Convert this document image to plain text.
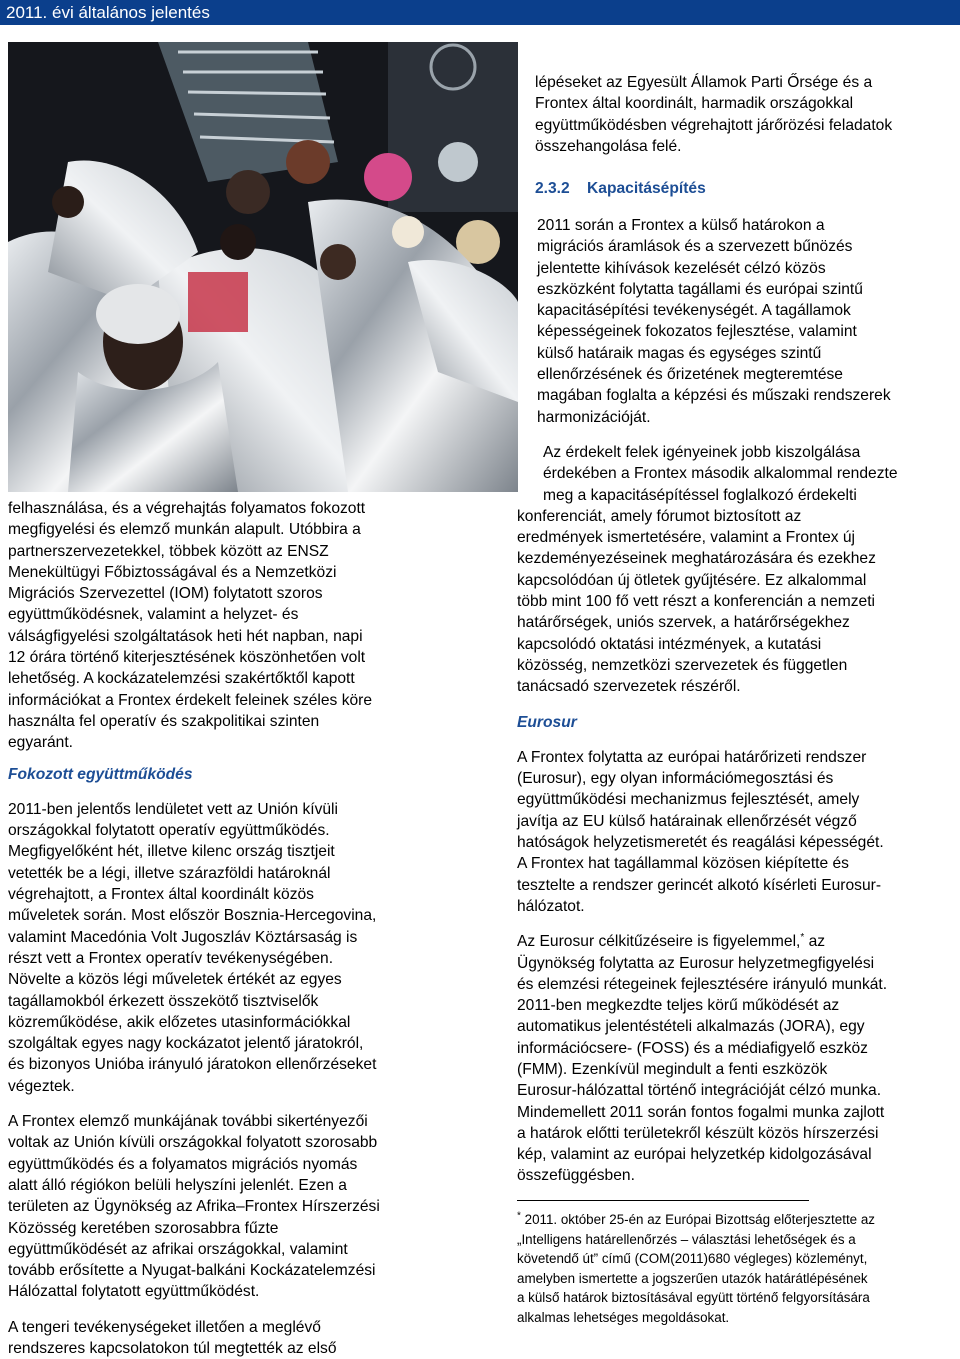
2011. évi általános jelentés

lépéseket az Egyesült Államok Parti Őrsége és a

Frontex által koordinált, harmadik országokkal

együttműködésben végrehajtott járőrözési feladatok

összehangolása felé.

2.3.2    Kapacitásépítés

2011 során a Frontex a külső határokon a

migrációs áramlások és a szervezett bűnözés

jelentette kihívások kezelését célzó közös

eszközként folytatta tagállami és európai szintű

kapacitásépítési tevékenységét. A tagállamok

képességeinek fokozatos fejlesztése, valamint

külső határaik magas és egységes szintű

ellenőrzésének és őrizetének megteremtése

magában foglalta a képzési és műszaki rendszerek

harmonizációját.

Az érdekelt felek igényeinek jobb kiszolgálása

érdekében a Frontex második alkalommal rendezte

meg a kapacitásépítéssel foglalkozó érdekelti

konferenciát, amely fórumot biztosított az

eredmények ismertetésére, valamint a Frontex új

kezdeményezéseinek meghatározására és ezekhez

kapcsolódóan új ötletek gyűjtésére. Ez alkalommal

több mint 100 fő vett részt a konferencián a nemzeti

határőrségek, uniós szervek, a határőrségekhez

kapcsolódó oktatási intézmények, a kutatási

közösség, nemzetközi szervezetek és független

tanácsadó szervezetek részéről.

Eurosur

A Frontex folytatta az európai határőrizeti rendszer

(Eurosur), egy olyan információmegosztási és

együttműködési mechanizmus fejlesztését, amely

javítja az EU külső határainak ellenőrzését végző

hatóságok helyzetismeretét és reagálási képességét.

A Frontex hat tagállammal közösen kiépítette és

tesztelte a rendszer gerincét alkotó kísérleti Eurosur-

hálózatot.

Az Eurosur célkitűzéseire is figyelemmel,* az

Ügynökség folytatta az Eurosur helyzetmegfigyelési

és elemzési rétegeinek fejlesztésére irányuló munkát.

2011-ben megkezdte teljes körű működését az

automatikus jelentéstételi alkalmazás (JORA), egy

információcsere- (FOSS) és a médiafigyelő eszköz

(FMM). Ezenkívül megindult a fenti eszközök

Eurosur-hálózattal történő integrációját célzó munka.

Mindemellett 2011 során fontos fogalmi munka zajlott

a határok előtti területekről készült közös hírszerzési

kép, valamint az európai helyzetkép kidolgozásával

összefüggésben.

felhasználása, és a végrehajtás folyamatos fokozott

megfigyelési és elemző munkán alapult. Utóbbira a

partnerszervezetekkel, többek között az ENSZ

Menekültügyi Főbiztosságával és a Nemzetközi

Migrációs Szervezettel (IOM) folytatott szoros

együttműködésnek, valamint a helyzet- és

válságfigyelési szolgáltatások heti hét napban, napi

12 órára történő kiterjesztésének köszönhetően volt

lehetőség. A kockázatelemzési szakértőktől kapott

információkat a Frontex érdekelt feleinek széles köre

használta fel operatív és szakpolitikai szinten

egyaránt.

Fokozott együttműködés

2011-ben jelentős lendületet vett az Unión kívüli

országokkal folytatott operatív együttműködés.

Megfigyelőként hét, illetve kilenc ország tisztjeit

vetették be a légi, illetve szárazföldi határoknál

végrehajtott, a Frontex által koordinált közös

műveletek során. Most először Bosznia-Hercegovina,

valamint Macedónia Volt Jugoszláv Köztársaság is

részt vett a Frontex operatív tevékenységében.

Növelte a közös légi műveletek értékét az egyes

tagállamokból érkezett összekötő tisztviselők

közreműködése, akik előzetes utasinformációkkal

szolgáltak egyes nagy kockázatot jelentő járatokról,

és bizonyos Unióba irányuló járatokon ellenőrzéseket

végeztek.

A Frontex elemző munkájának további sikertényezői

voltak az Unión kívüli országokkal folyatott szorosabb

együttműködés és a folyamatos migrációs nyomás

alatt álló régiókon belüli helyszíni jelenlét. Ezen a

területen az Ügynökség az Afrika–Frontex Hírszerzési

Közösség keretében szorosabbra fűzte

együttműködését az afrikai országokkal, valamint

tovább erősítette a Nyugat-balkáni Kockázatelemzési

Hálózattal folytatott együttműködést.

A tengeri tevékenységeket illetően a meglévő

rendszeres kapcsolatokon túl megtették az első

* 2011. október 25-én az Európai Bizottság előterjesztette az

„Intelligens határellenőrzés – választási lehetőségek és a

követendő út” című (COM(2011)680 végleges) közleményt,

amelyben ismertette a jogszerűen utazók határátlépésének

a külső határok biztosításával együtt történő felgyorsítására

alkalmas lehetséges megoldásokat.
